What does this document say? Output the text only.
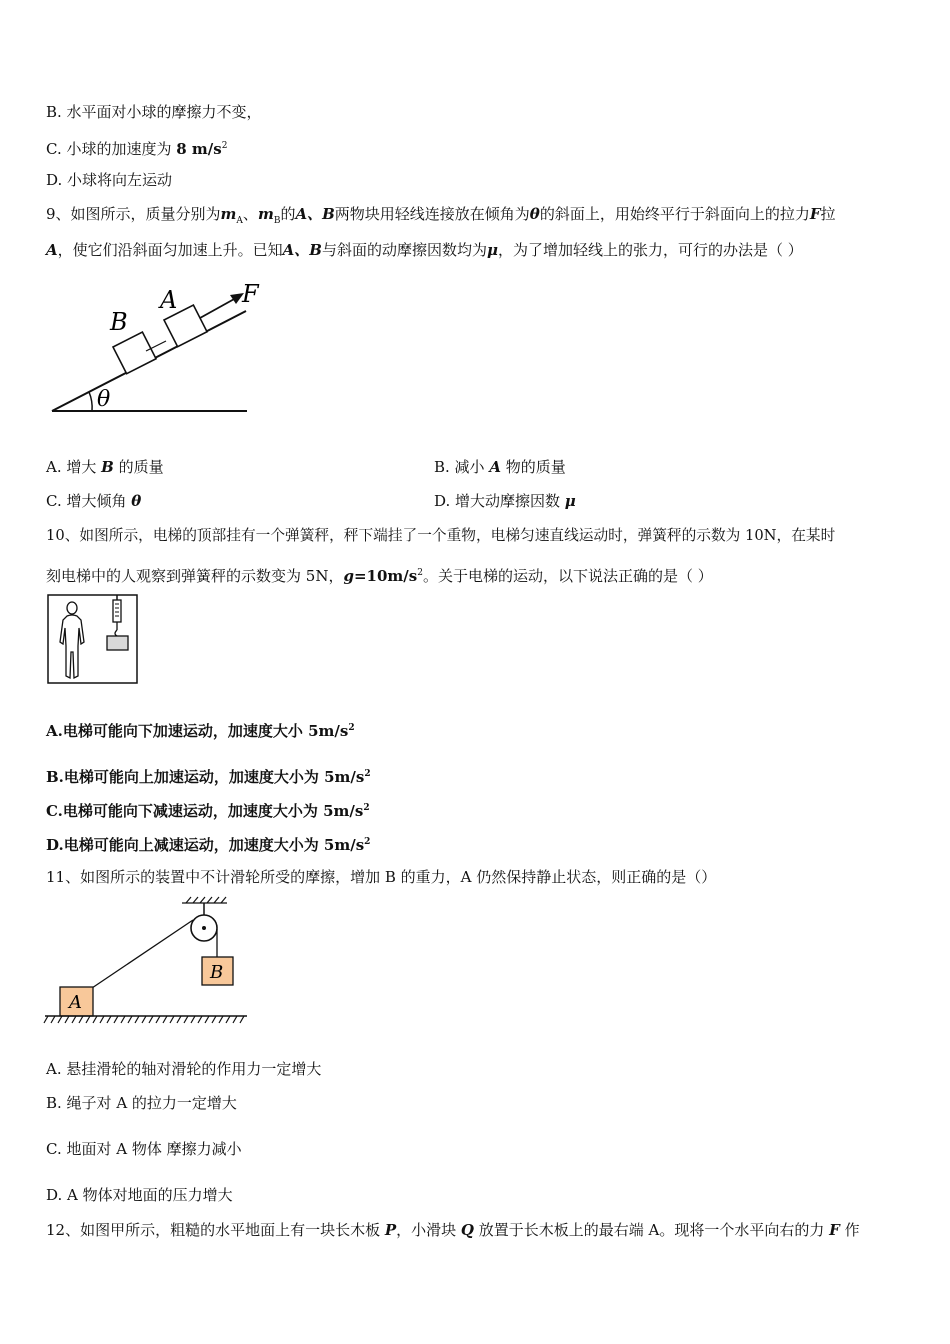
B. 水平面对小球的摩擦力不变，
C. 小球的加速度为 8 $m/s^2$
D. 小球将向左运动
9、如图所示，质量分别为$m_A$、$m_B$的A、B两物块用轻线连接放在倾角为θ的斜面上，用始终平行于斜面向上的拉力F拉
A，使它们沿斜面匀加速上升。已知A、B与斜面的动摩擦因数均为μ，为了增加轻线上的张力，可行的办法是（ ）
θ
B
A	F
A. 增大 B 的质量	B. 减小 A 物的质量
C. 增大倾角 θ	D. 增大动摩擦因数 μ
10、如图所示，电梯的顶部挂有一个弹簧秤，秤下端挂了一个重物，电梯匀速直线运动时，弹簧秤的示数为 10N，在某时
刻电梯中的人观察到弹簧秤的示数变为 5N，$g=10m/s^2$。关于电梯的运动，以下说法正确的是（ ）
A.电梯可能向下加速运动，加速度大小 $5m/s^2$
B.电梯可能向上加速运动，加速度大小为 $5m/s^2$
C.电梯可能向下减速运动，加速度大小为 $5m/s^2$
D.电梯可能向上减速运动，加速度大小为 $5m/s^2$
11、如图所示的装置中不计滑轮所受的摩擦，增加 B 的重力，A 仍然保持静止状态，则正确的是（）
B
A
A. 悬挂滑轮的轴对滑轮的作用力一定增大
B. 绳子对 A 的拉力一定增大
C. 地面对 A 物体 摩擦力减小
D. A 物体对地面的压力增大
12、如图甲所示，粗糙的水平地面上有一块长木板 P，小滑块 Q 放置于长木板上的最右端 A。现将一个水平向右的力 F 作
